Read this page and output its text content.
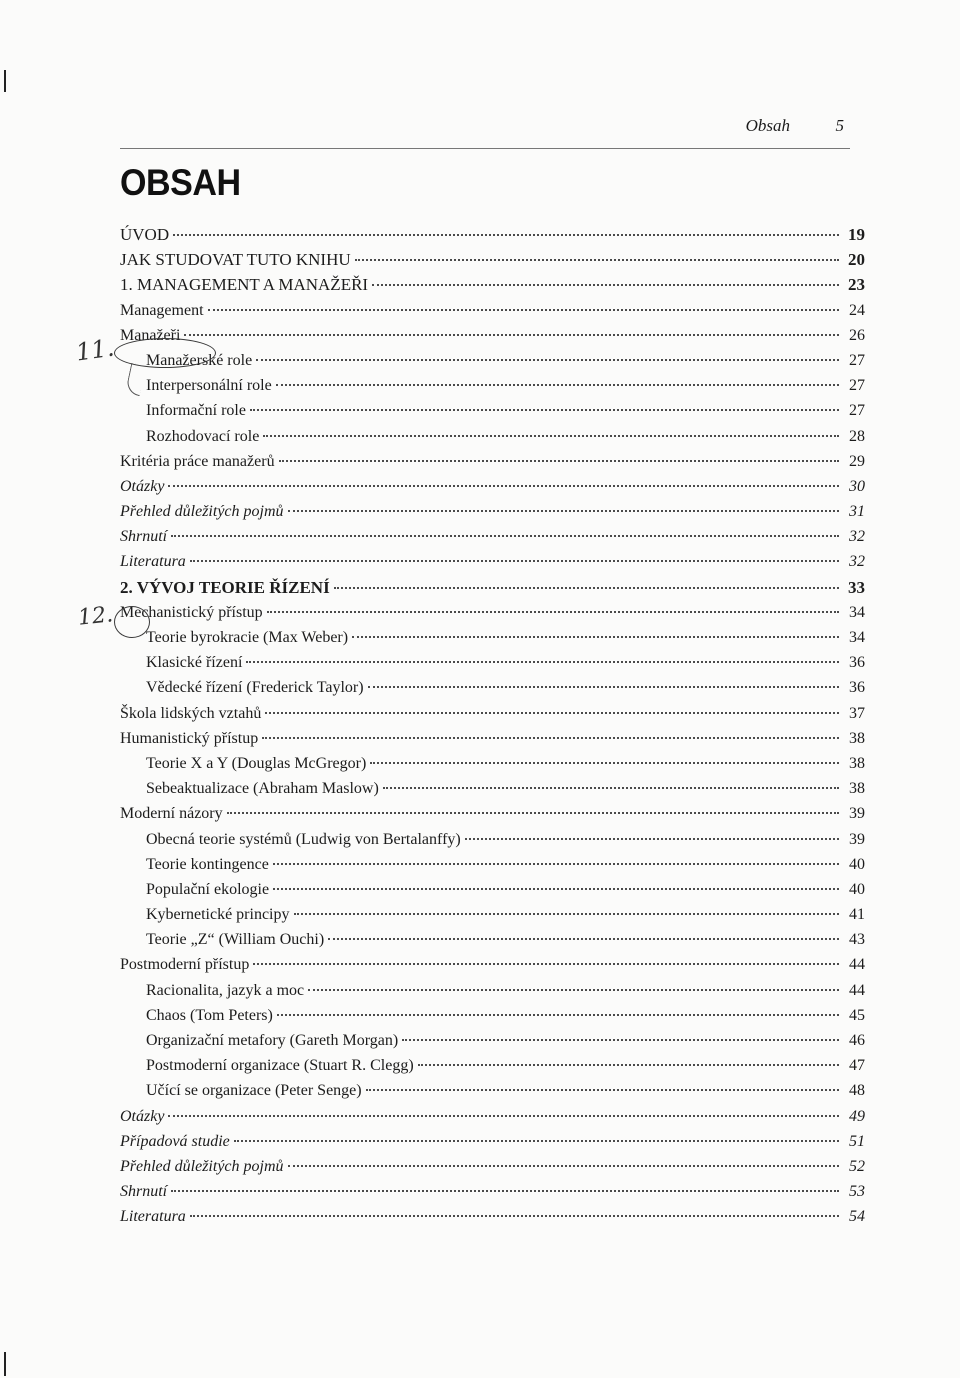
Obsah	5
OBSAH
ÚVOD	19
JAK STUDOVAT TUTO KNIHU	20
1. MANAGEMENT A MANAŽEŘI	23
Management	24
Manažeři	26
Manažerské role	27
Interpersonální role	27
Informační role	27
Rozhodovací role	28
Kritéria práce manažerů	29
Otázky	30
Přehled důležitých pojmů	31
Shrnutí	32
Literatura	32
2. VÝVOJ TEORIE ŘÍZENÍ	33
Mechanistický přístup	34
Teorie byrokracie (Max Weber)	34
Klasické řízení	36
Vědecké řízení (Frederick Taylor)	36
Škola lidských vztahů	37
Humanistický přístup	38
Teorie X a Y (Douglas McGregor)	38
Sebeaktualizace (Abraham Maslow)	38
Moderní názory	39
Obecná teorie systémů (Ludwig von Bertalanffy)	39
Teorie kontingence	40
Populační ekologie	40
Kybernetické principy	41
Teorie „Z“ (William Ouchi)	43
Postmoderní přístup	44
Racionalita, jazyk a moc	44
Chaos (Tom Peters)	45
Organizační metafory (Gareth Morgan)	46
Postmoderní organizace (Stuart R. Clegg)	47
Učící se organizace (Peter Senge)	48
Otázky	49
Případová studie	51
Přehled důležitých pojmů	52
Shrnutí	53
Literatura	54
11.
12.
